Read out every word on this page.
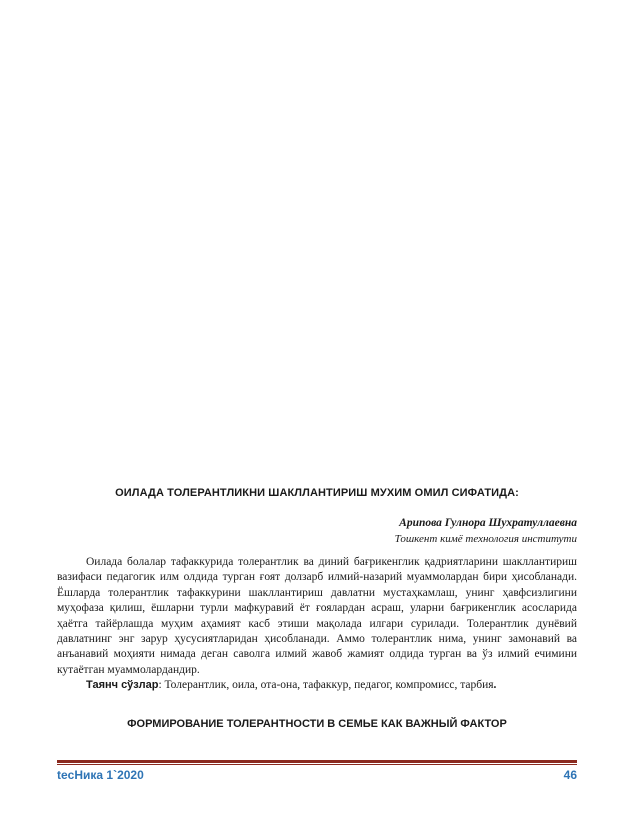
ОИЛАДА ТОЛЕРАНТЛИКНИ ШАКЛЛАНТИРИШ МУХИМ ОМИЛ СИФАТИДА:
Арипова Гулнора Шухратуллаевна
Тошкент кимё технология институти

Оилада болалар тафаккурида толерантлик ва диний бағрикенглик қадриятларини шакллантириш вазифаси педагогик илм олдида турган ғоят долзарб илмий-назарий муаммолардан бири ҳисобланади. Ёшларда толерантлик тафаккурини шакллантириш давлатни мустаҳкамлаш, унинг ҳавфсизлигини муҳофаза қилиш, ёшларни турли мафкуравий ёт ғоялардан асраш, уларни бағрикенглик асосларида ҳаётга тайёрлашда муҳим аҳамият касб этиши мақолада илгари сурилади. Толерантлик дунёвий давлатнинг энг зарур ҳусусиятларидан ҳисобланади. Аммо толерантлик нима, унинг замонавий ва анъанавий моҳияти нимада деган саволга илмий жавоб жамият олдида турган ва ўз илмий ечимини кутаётган муаммолардандир.

Таянч сўзлар: Толерантлик, оила, ота-она, тафаккур, педагог, компромисс, тарбия.

ФОРМИРОВАНИЕ ТОЛЕРАНТНОСТИ В СЕМЬЕ КАК ВАЖНЫЙ ФАКТОР
tecНика 1`2020	46
